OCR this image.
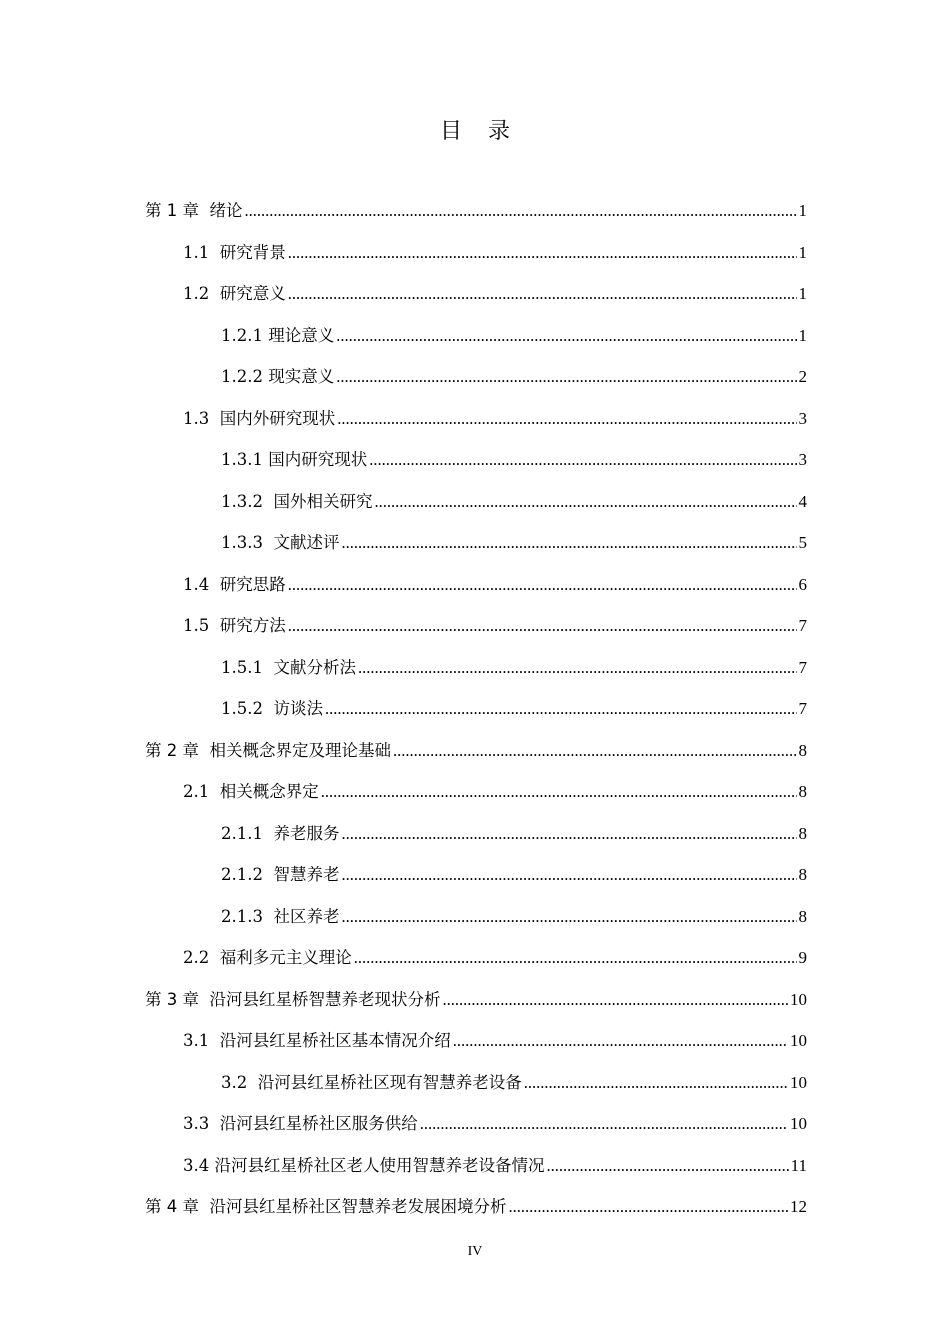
目 录
第 1 章  绪论 .....	1
1.1  研究背景 .....	1
1.2  研究意义 .....	1
1.2.1 理论意义 .....	1
1.2.2 现实意义 .....	2
1.3  国内外研究现状 .....	3
1.3.1 国内研究现状 .....	3
1.3.2  国外相关研究 .....	4
1.3.3  文献述评 .....	5
1.4  研究思路 .....	6
1.5  研究方法 .....	7
1.5.1  文献分析法 .....	7
1.5.2  访谈法 .....	7
第 2 章  相关概念界定及理论基础 .....	8
2.1  相关概念界定 .....	8
2.1.1  养老服务 .....	8
2.1.2  智慧养老 .....	8
2.1.3  社区养老 .....	8
2.2  福利多元主义理论 .....	9
第 3 章  沿河县红星桥智慧养老现状分析 .....	10
3.1  沿河县红星桥社区基本情况介绍 .....	10
3.2  沿河县红星桥社区现有智慧养老设备 .....	10
3.3  沿河县红星桥社区服务供给 .....	10
3.4 沿河县红星桥社区老人使用智慧养老设备情况 .....	11
第 4 章  沿河县红星桥社区智慧养老发展困境分析 .....	12
IV
